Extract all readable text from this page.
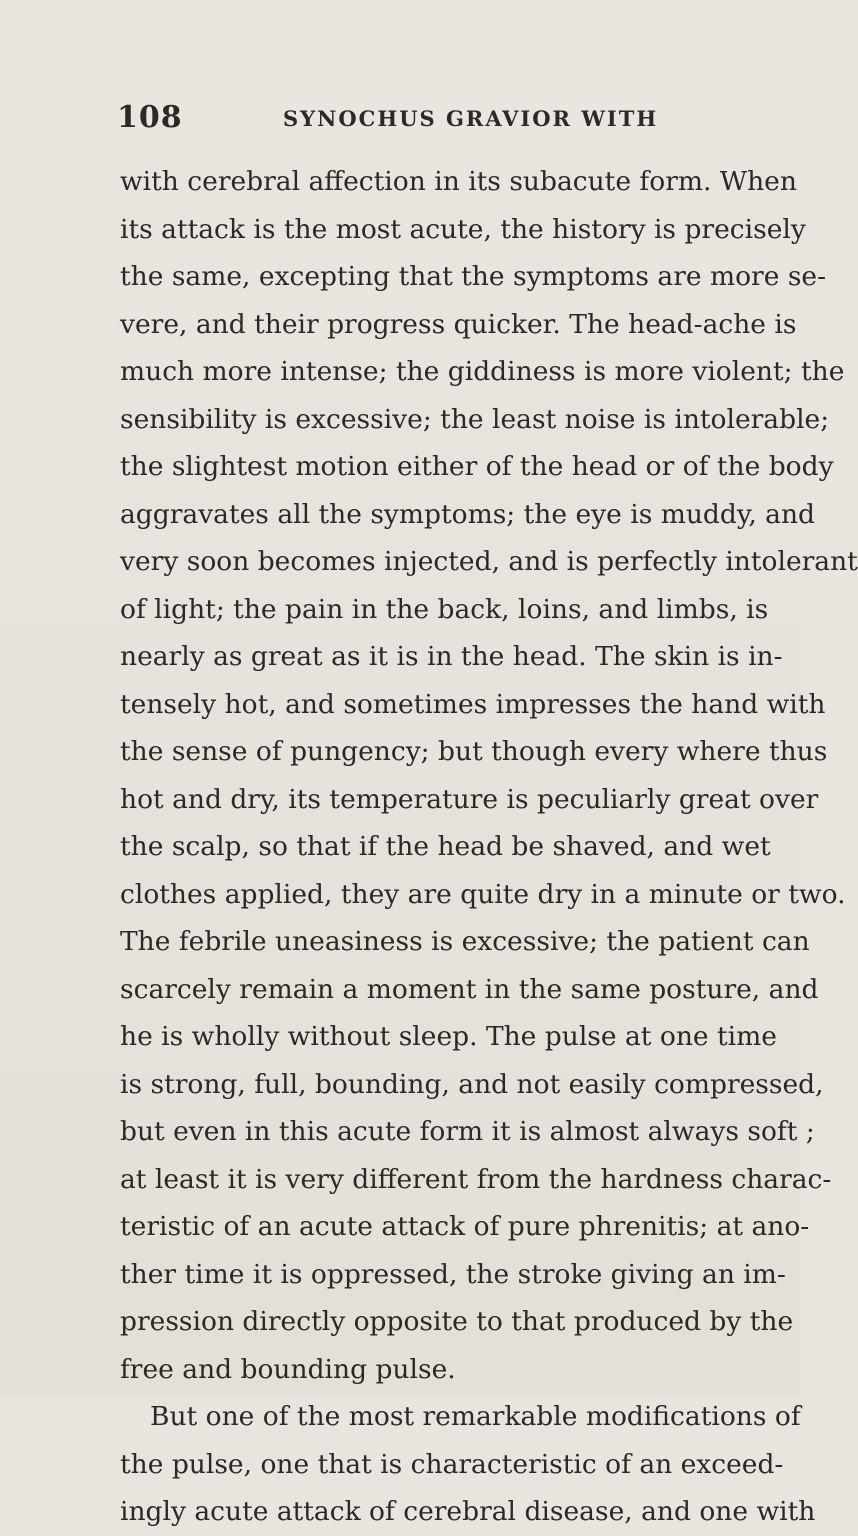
108	SYNOCHUS GRAVIOR WITH
with cerebral affection in its subacute form. When
its attack is the most acute, the history is precisely
the same, excepting that the symptoms are more se-
vere, and their progress quicker. The head-ache is
much more intense; the giddiness is more violent; the
sensibility is excessive; the least noise is intolerable;
the slightest motion either of the head or of the body
aggravates all the symptoms; the eye is muddy, and
very soon becomes injected, and is perfectly intolerant
of light; the pain in the back, loins, and limbs, is
nearly as great as it is in the head. The skin is in-
tensely hot, and sometimes impresses the hand with
the sense of pungency; but though every where thus
hot and dry, its temperature is peculiarly great over
the scalp, so that if the head be shaved, and wet
clothes applied, they are quite dry in a minute or two.
The febrile uneasiness is excessive; the patient can
scarcely remain a moment in the same posture, and
he is wholly without sleep. The pulse at one time
is strong, full, bounding, and not easily compressed,
but even in this acute form it is almost always soft ;
at least it is very different from the hardness charac-
teristic of an acute attack of pure phrenitis; at ano-
ther time it is oppressed, the stroke giving an im-
pression directly opposite to that produced by the
free and bounding pulse.
But one of the most remarkable modifications of
the pulse, one that is characteristic of an exceed-
ingly acute attack of cerebral disease, and one with
